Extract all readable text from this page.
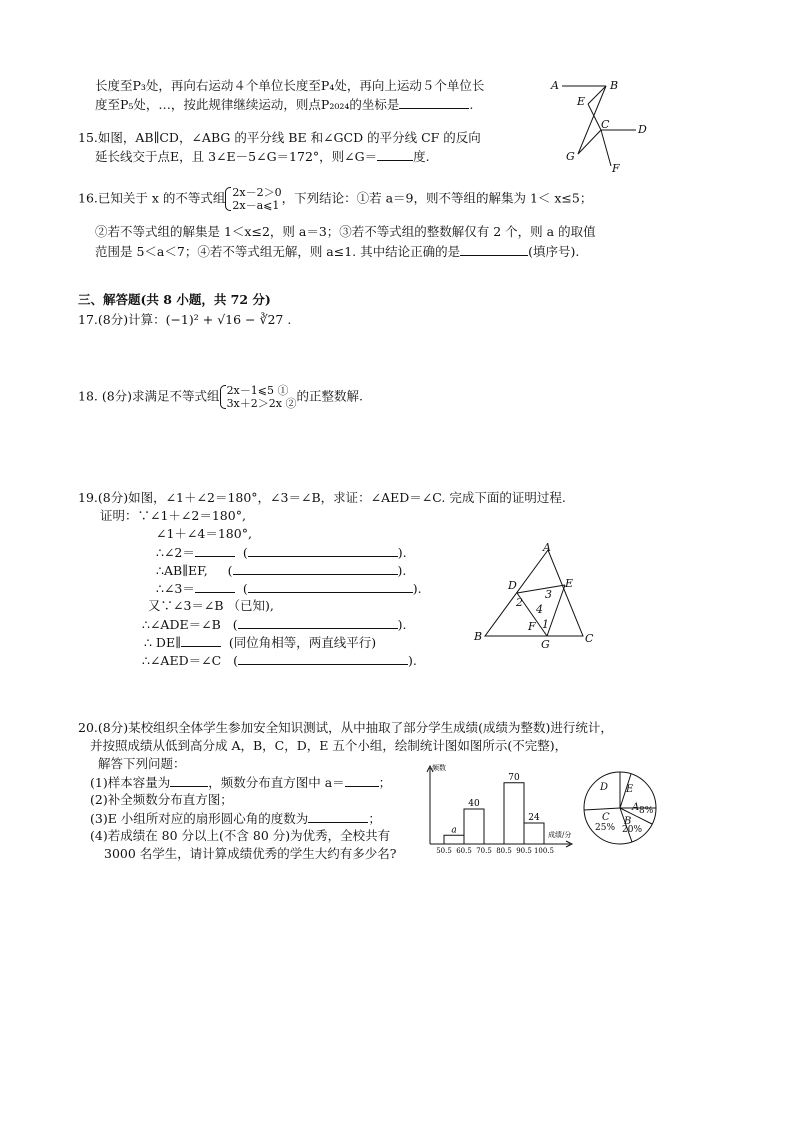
长度至P₃处，再向右运动４个单位长度至P₄处，再向上运动５个单位长
度至P₅处，…，按此规律继续运动，则点P₂₀₂₄的坐标是	.
A	B
E
C	D
G
F
15.如图，AB∥CD，∠ABG 的平分线 BE 和∠GCD 的平分线 CF 的反向
延长线交于点E，且 3∠E－5∠G＝172°，则∠G＝	度.
16.已知关于 x 的不等式组 2x－2＞0
2x－a⩽1 ，下列结论：①若 a＝9，则不等组的解集为 1＜ x≤5；
②若不等式组的解集是 1＜x≤2，则 a＝3；③若不等式组的整数解仅有 2 个，则 a 的取值
范围是 5＜a＜7；④若不等式组无解，则 a≤1. 其中结论正确的是	(填序号).
三、解答题(共 8 小题，共 72 分)
17.(8分)计算：(−1)² + √16 − ∛27 .
18. (8分)求满足不等式组 2x－1⩽5 ①
3x＋2＞2x ② 的正整数解.
19.(8分)如图，∠1＋∠2＝180°，∠3＝∠B，求证：∠AED＝∠C. 完成下面的证明过程.
证明：∵∠1＋∠2＝180°,
∠1＋∠4＝180°,
∴∠2＝	(	).
∴AB∥EF, (	).
∴∠3＝	(	).
又∵∠3＝∠B （已知),
∴∠ADE＝∠B (	).
∴ DE∥	(同位角相等，两直线平行)
∴∠AED＝∠C (	).
A
D	E
2
3
4
F 1
B
G	C
20.(8分)某校组织全体学生参加安全知识测试，从中抽取了部分学生成绩(成绩为整数)进行统计，
并按照成绩从低到高分成 A，B，C，D，E 五个小组，绘制统计图如图所示(不完整)，
解答下列问题：
(1)样本容量为	，频数分布直方图中 a＝	；
(2)补全频数分布直方图；
(3)E 小组所对应的扇形圆心角的度数为	；
(4)若成绩在 80 分以上(不含 80 分)为优秀，全校共有
3000 名学生，请计算成绩优秀的学生大约有多少名?
频数
成绩/分
a
40
70
24
50.5 60.5 70.5 80.5 90.5 100.5
D E
A
B
C
8%
20%
25%
